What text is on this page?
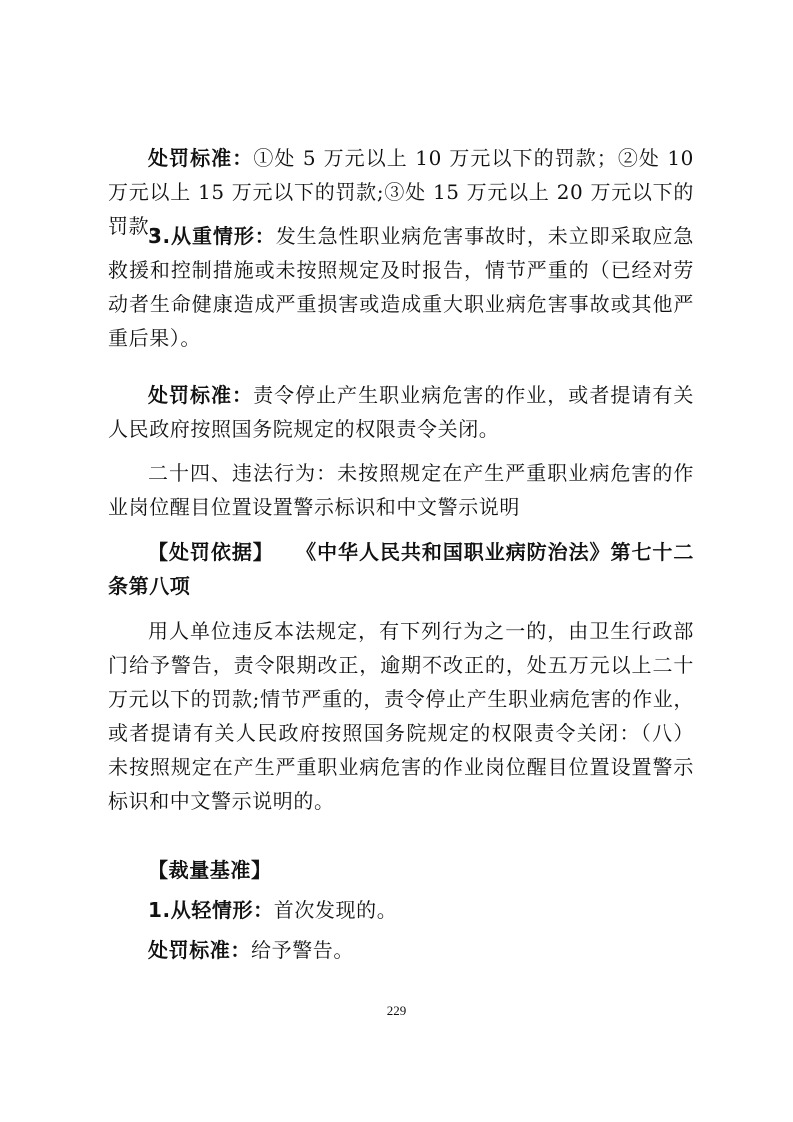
处罚标准：①处 5 万元以上 10 万元以下的罚款；②处 10 万元以上 15 万元以下的罚款;③处 15 万元以上 20 万元以下的罚款。

3.从重情形：发生急性职业病危害事故时，未立即采取应急救援和控制措施或未按照规定及时报告，情节严重的（已经对劳动者生命健康造成严重损害或造成重大职业病危害事故或其他严重后果）。

处罚标准：责令停止产生职业病危害的作业，或者提请有关人民政府按照国务院规定的权限责令关闭。

二十四、违法行为：未按照规定在产生严重职业病危害的作业岗位醒目位置设置警示标识和中文警示说明

【处罚依据】 《中华人民共和国职业病防治法》第七十二条第八项

用人单位违反本法规定，有下列行为之一的，由卫生行政部门给予警告，责令限期改正，逾期不改正的，处五万元以上二十万元以下的罚款;情节严重的，责令停止产生职业病危害的作业，或者提请有关人民政府按照国务院规定的权限责令关闭：（八）未按照规定在产生严重职业病危害的作业岗位醒目位置设置警示标识和中文警示说明的。

【裁量基准】

1.从轻情形：首次发现的。

处罚标准：给予警告。

229
